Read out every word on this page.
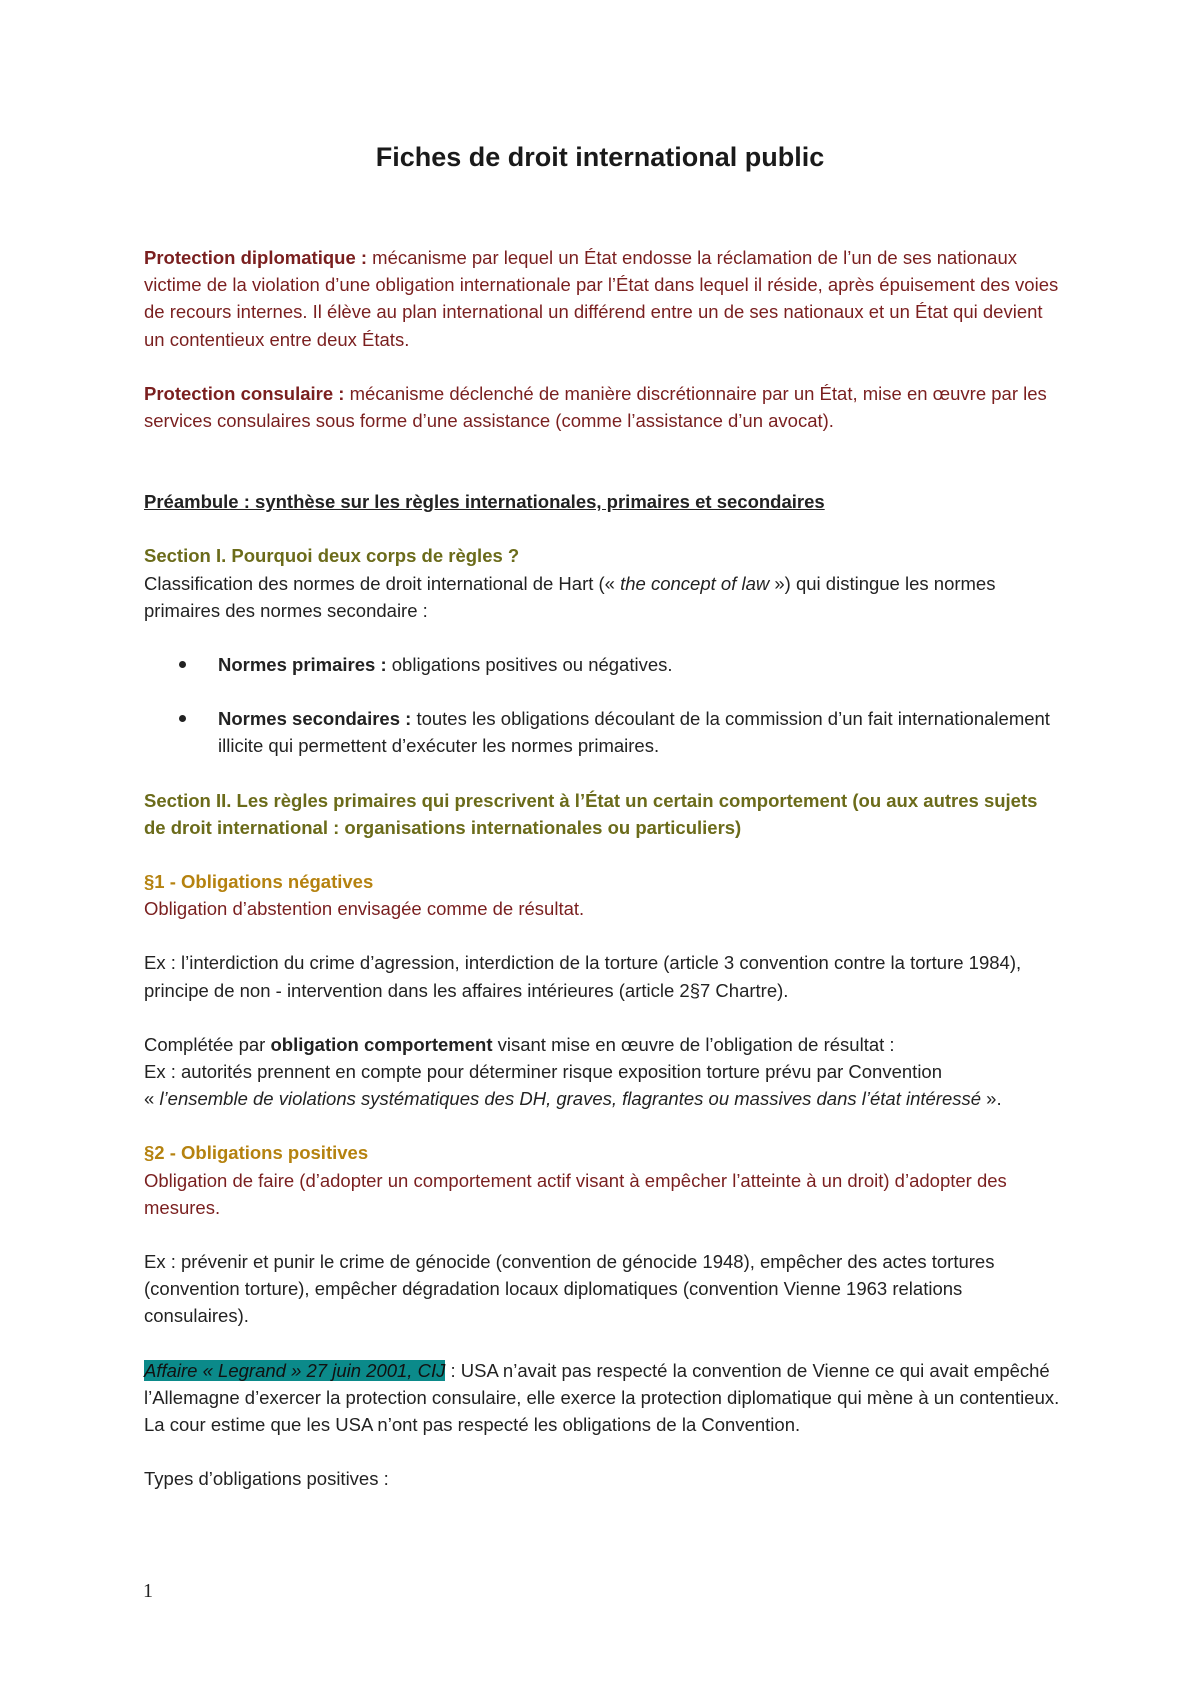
Fiches de droit international public

Protection diplomatique : mécanisme par lequel un État endosse la réclamation de l’un de ses nationaux victime de la violation d’une obligation internationale par l’État dans lequel il réside, après épuisement des voies de recours internes. Il élève au plan international un différend entre un de ses nationaux et un État qui devient un contentieux entre deux États.

Protection consulaire : mécanisme déclenché de manière discrétionnaire par un État, mise en œuvre par les services consulaires sous forme d’une assistance (comme l’assistance d’un avocat).

Préambule : synthèse sur les règles internationales, primaires et secondaires

Section I. Pourquoi deux corps de règles ?

Classification des normes de droit international de Hart (« the concept of law ») qui distingue les normes primaires des normes secondaire :

Normes primaires : obligations positives ou négatives.
Normes secondaires : toutes les obligations découlant de la commission d’un fait internationalement illicite qui permettent d’exécuter les normes primaires.

Section II. Les règles primaires qui prescrivent à l’État un certain comportement (ou aux autres sujets de droit international : organisations internationales ou particuliers)

§1 - Obligations négatives

Obligation d’abstention envisagée comme de résultat.

Ex : l’interdiction du crime d’agression, interdiction de la torture (article 3 convention contre la torture 1984), principe de non - intervention dans les affaires intérieures (article 2§7 Chartre).

Complétée par obligation comportement visant mise en œuvre de l’obligation de résultat :

Ex : autorités prennent en compte pour déterminer risque exposition torture prévu par Convention
« l’ensemble de violations systématiques des DH, graves, flagrantes ou massives dans l’état intéressé ».

§2 - Obligations positives

Obligation de faire (d’adopter un comportement actif visant à empêcher l’atteinte à un droit) d’adopter des mesures.

Ex : prévenir et punir le crime de génocide (convention de génocide 1948), empêcher des actes tortures (convention torture), empêcher dégradation locaux diplomatiques (convention Vienne 1963 relations consulaires).

Affaire « Legrand » 27 juin 2001, CIJ : USA n’avait pas respecté la convention de Vienne ce qui avait empêché l’Allemagne d’exercer la protection consulaire, elle exerce la protection diplomatique qui mène à un contentieux. La cour estime que les USA n’ont pas respecté les obligations de la Convention.

Types d’obligations positives :

1
